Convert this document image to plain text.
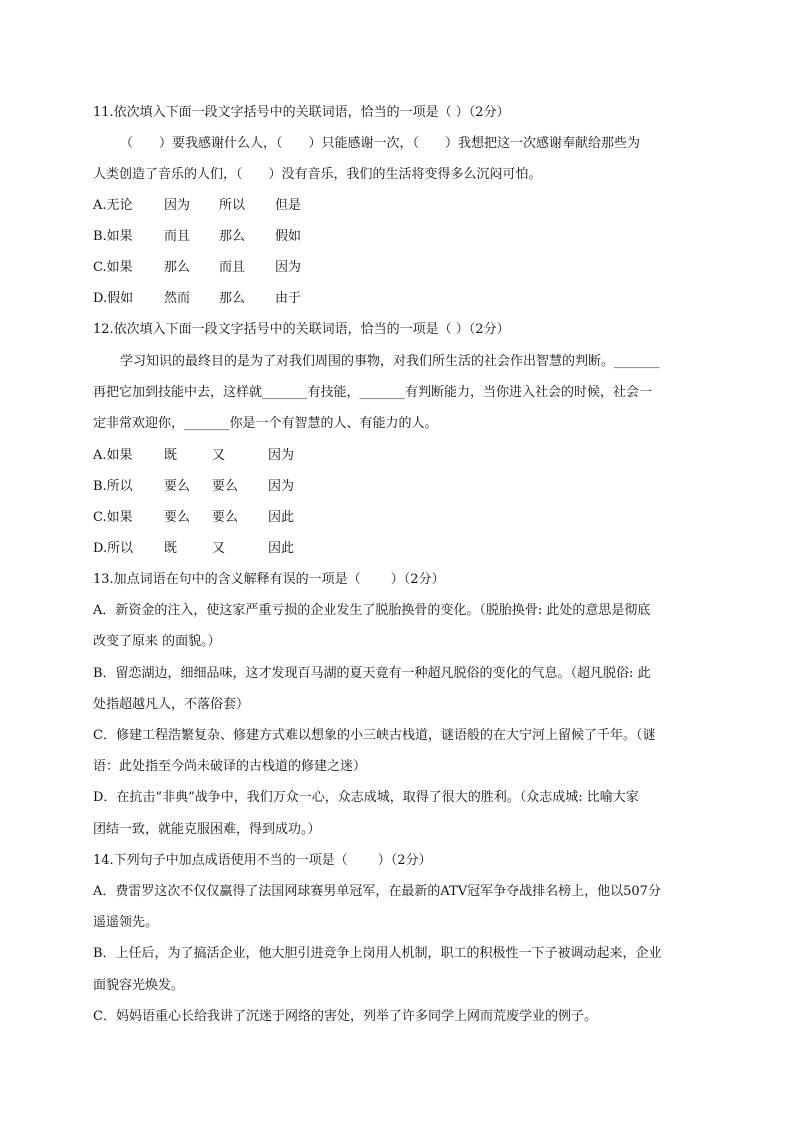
11.依次填入下面一段文字括号中的关联词语，恰当的一项是（ ）（2分）
（　　）要我感谢什么人，（　　）只能感谢一次，（　　）我想把这一次感谢奉献给那些为
人类创造了音乐的人们，（　　）没有音乐，我们的生活将变得多么沉闷可怕。
A.无论 因为 所以 但是
B.如果 而且 那么 假如
C.如果 那么 而且 因为
D.假如 然而 那么 由于
12.依次填入下面一段文字括号中的关联词语，恰当的一项是（ ）（2分）
学习知识的最终目的是为了对我们周围的事物，对我们所生活的社会作出智慧的判断。_______
再把它加到技能中去，这样就_______有技能，_______有判断能力，当你进入社会的时候，社会一
定非常欢迎你，_______你是一个有智慧的人、有能力的人。
A.如果 既	又	因为
B.所以 要么 要么 因为
C.如果 要么 要么 因此
D.所以 既	又	因此
13.加点词语在句中的含义解释有误的一项是（　　 ）（2分）
A．新资金的注入，使这家严重亏损的企业发生了脱胎换骨的变化。（脱胎换骨: 此处的意思是彻底
改变了原来 的面貌。）
B．留恋湖边，细细品味，这才发现百马湖的夏天竟有一种超凡脱俗的变化的气息。（超凡脱俗: 此
处指超越凡人，不落俗套）
C．修建工程浩繁复杂、修建方式难以想象的小三峡古栈道，谜语般的在大宁河上留候了千年。（谜
语：此处指至今尚未破译的古栈道的修建之迷）
D．在抗击“非典”战争中，我们万众一心，众志成城，取得了很大的胜利。（众志成城: 比喻大家
团结一致，就能克服困难，得到成功。）
14.下列句子中加点成语使用不当的一项是（　　 ）（2分）
A．费雷罗这次不仅仅赢得了法国网球赛男单冠军，在最新的ATV冠军争夺战排名榜上，他以507分
遥遥领先。
B．上任后，为了搞活企业，他大胆引进竞争上岗用人机制，职工的积极性一下子被调动起来，企业
面貌容光焕发。
C．妈妈语重心长给我讲了沉迷于网络的害处，列举了许多同学上网而荒废学业的例子。
